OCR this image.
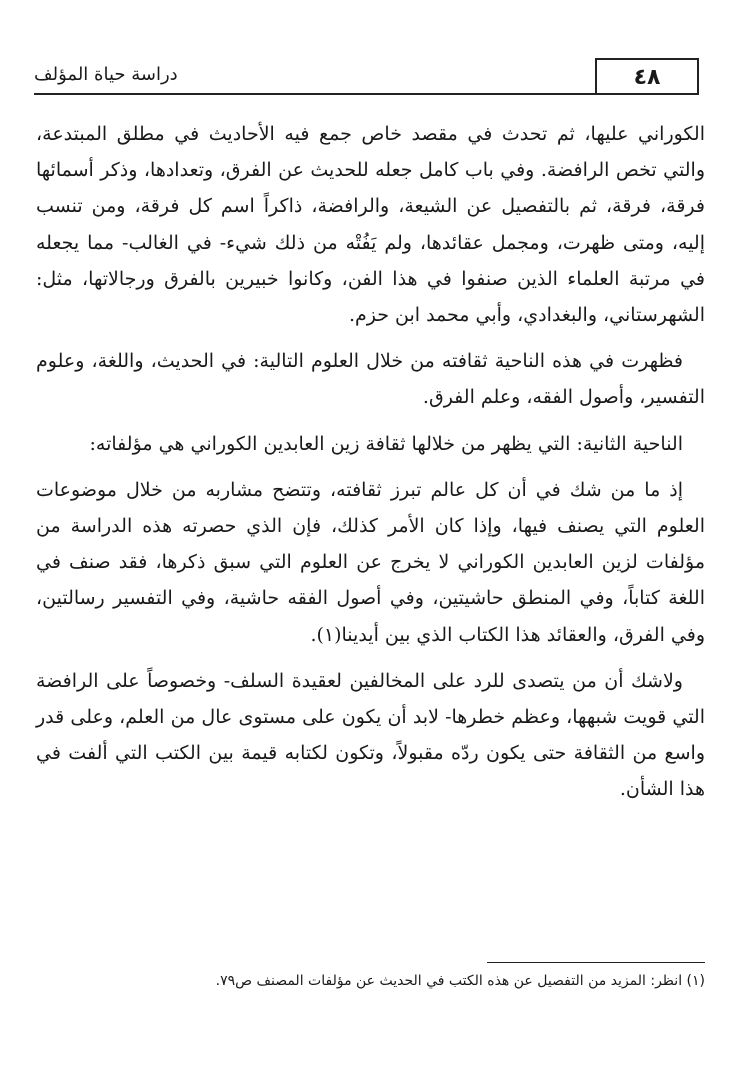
٤٨
دراسة حياة المؤلف

الكوراني عليها، ثم تحدث في مقصد خاص جمع فيه الأحاديث في مطلق المبتدعة، والتي تخص الرافضة. وفي باب كامل جعله للحديث عن الفرق، وتعدادها، وذكر أسمائها فرقة، فرقة، ثم بالتفصيل عن الشيعة، والرافضة، ذاكراً اسم كل فرقة، ومن تنسب إليه، ومتى ظهرت، ومجمل عقائدها، ولم يَفُتْه من ذلك شيء- في الغالب- مما يجعله في مرتبة العلماء الذين صنفوا في هذا الفن، وكانوا خبيرين بالفرق ورجالاتها، مثل: الشهرستاني، والبغدادي، وأبي محمد ابن حزم.

فظهرت في هذه الناحية ثقافته من خلال العلوم التالية: في الحديث، واللغة، وعلوم التفسير، وأصول الفقه، وعلم الفرق.

الناحية الثانية: التي يظهر من خلالها ثقافة زين العابدين الكوراني هي مؤلفاته:

إذ ما من شك في أن كل عالم تبرز ثقافته، وتتضح مشاربه من خلال موضوعات العلوم التي يصنف فيها، وإذا كان الأمر كذلك، فإن الذي حصرته هذه الدراسة من مؤلفات لزين العابدين الكوراني لا يخرج عن العلوم التي سبق ذكرها، فقد صنف في اللغة كتاباً، وفي المنطق حاشيتين، وفي أصول الفقه حاشية، وفي التفسير رسالتين، وفي الفرق، والعقائد هذا الكتاب الذي بين أيدينا(١).

ولاشك أن من يتصدى للرد على المخالفين لعقيدة السلف- وخصوصاً على الرافضة التي قويت شبهها، وعظم خطرها- لابد أن يكون على مستوى عال من العلم، وعلى قدر واسع من الثقافة حتى يكون ردّه مقبولاً، وتكون لكتابه قيمة بين الكتب التي ألفت في هذا الشأن.

(١) انظر: المزيد من التفصيل عن هذه الكتب في الحديث عن مؤلفات المصنف ص٧٩.
